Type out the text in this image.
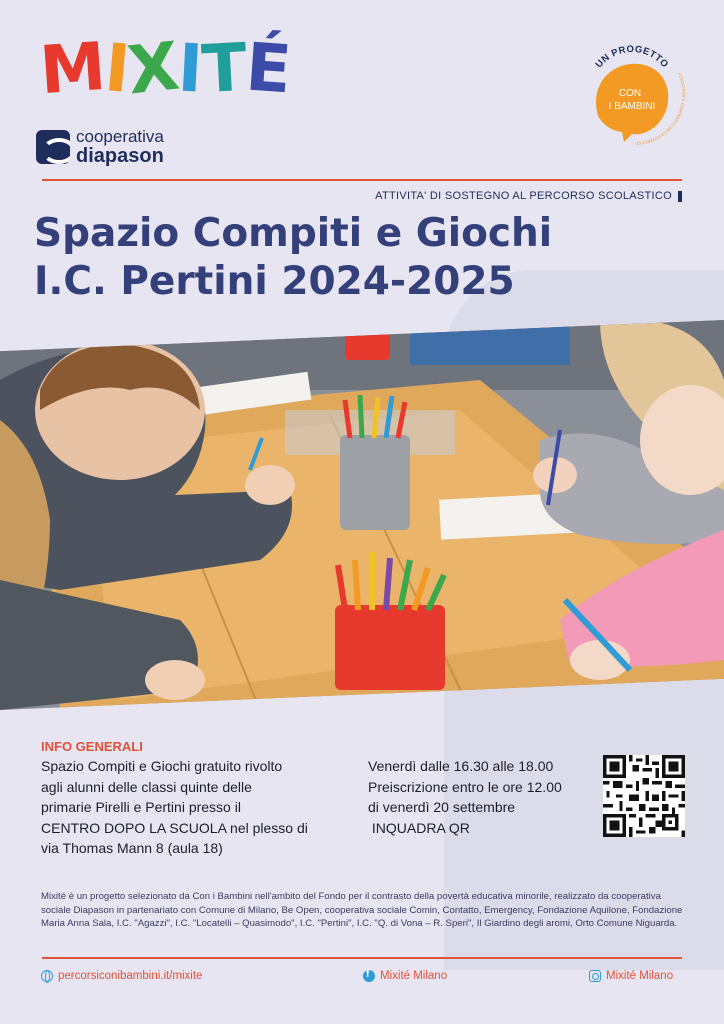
MIXITÉ
cooperativa
diapason
UN PROGETTO
CON
I BAMBINI
FONDO PER IL CONTRASTO DELLA POVERTÀ ED
ATTIVITA' DI SOSTEGNO AL PERCORSO SCOLASTICO
Spazio Compiti e Giochi
I.C. Pertini 2024-2025
INFO GENERALI
Spazio Compiti e Giochi gratuito rivolto
agli alunni delle classi quinte delle
primarie Pirelli e Pertini presso il
CENTRO DOPO LA SCUOLA nel plesso di
via Thomas Mann 8 (aula 18)
Venerdì dalle 16.30 alle 18.00
Preiscrizione entro le ore 12.00
di venerdì 20 settembre
INQUADRA QR
Mixité è un progetto selezionato da Con i Bambini nell'ambito del Fondo per il contrasto della povertà educativa minorile, realizzato da cooperativa sociale Diapason in partenariato con Comune di Milano, Be Open, cooperativa sociale Comin, Contatto, Emergency, Fondazione Aquilone, Fondazione Maria Anna Sala, I.C. "Agazzi", I.C. "Locatelli – Quasimodo", I.C. "Pertini", I.C. "Q. di Vona – R. Speri", Il Giardino degli aromi, Orto Comune Niguarda.
percorsiconibambini.it/mixite
f	Mixité Milano	Mixité Milano
